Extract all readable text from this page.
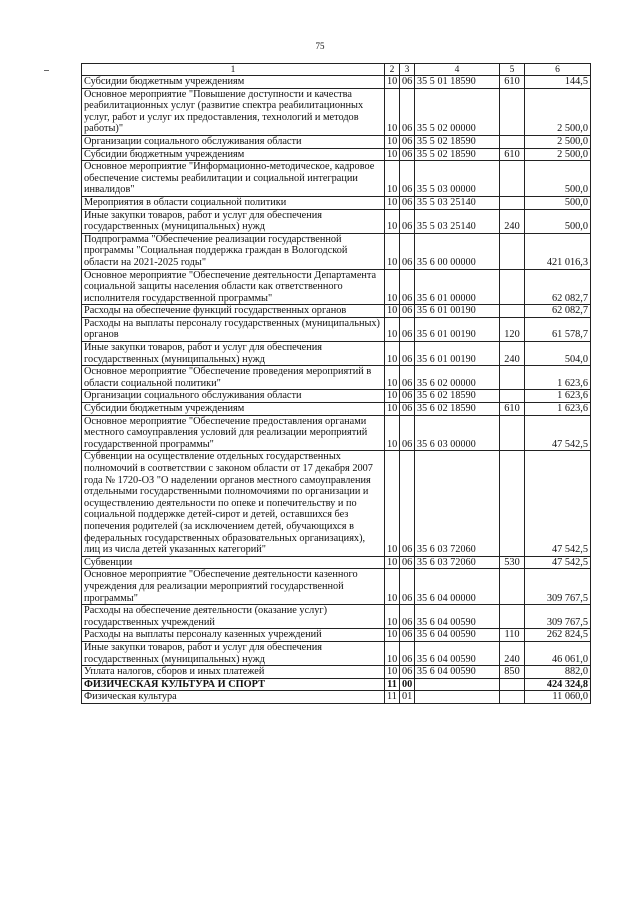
75
1	2	3	4	5	6
Субсидии бюджетным учреждениям	10	06	35 5 01 18590	610	144,5
Основное мероприятие "Повышение доступности и качества реабилитационных услуг (развитие спектра реабилитационных услуг, работ и услуг их предоставления, технологий и методов работы)"	10	06	35 5 02 00000		2 500,0
Организации социального обслуживания области	10	06	35 5 02 18590		2 500,0
Субсидии бюджетным учреждениям	10	06	35 5 02 18590	610	2 500,0
Основное мероприятие "Информационно-методическое, кадровое обеспечение системы реабилитации и социальной интеграции инвалидов"	10	06	35 5 03 00000		500,0
Мероприятия в области социальной политики	10	06	35 5 03 25140		500,0
Иные закупки товаров, работ и услуг для обеспечения государственных (муниципальных) нужд	10	06	35 5 03 25140	240	500,0
Подпрограмма "Обеспечение реализации государственной программы "Социальная поддержка граждан в Вологодской области на 2021-2025 годы"	10	06	35 6 00 00000		421 016,3
Основное мероприятие "Обеспечение деятельности Департамента социальной защиты населения области как ответственного исполнителя государственной программы"	10	06	35 6 01 00000		62 082,7
Расходы на обеспечение функций государственных органов	10	06	35 6 01 00190		62 082,7
Расходы на выплаты персоналу государственных (муниципальных) органов	10	06	35 6 01 00190	120	61 578,7
Иные закупки товаров, работ и услуг для обеспечения государственных (муниципальных) нужд	10	06	35 6 01 00190	240	504,0
Основное мероприятие "Обеспечение проведения мероприятий в области социальной политики"	10	06	35 6 02 00000		1 623,6
Организации социального обслуживания области	10	06	35 6 02 18590		1 623,6
Субсидии бюджетным учреждениям	10	06	35 6 02 18590	610	1 623,6
Основное мероприятие "Обеспечение предоставления органами местного самоуправления условий для реализации мероприятий государственной программы"	10	06	35 6 03 00000		47 542,5
Субвенции на осуществление отдельных государственных полномочий в соответствии с законом области от 17 декабря 2007 года № 1720-ОЗ "О наделении органов местного самоуправления отдельными государственными полномочиями по организации и осуществлению деятельности по опеке и попечительству и по социальной поддержке детей-сирот и детей, оставшихся без попечения родителей (за исключением детей, обучающихся в федеральных государственных образовательных организациях), лиц из числа детей указанных категорий"	10	06	35 6 03 72060		47 542,5
Субвенции	10	06	35 6 03 72060	530	47 542,5
Основное мероприятие "Обеспечение деятельности казенного учреждения для реализации мероприятий государственной программы"	10	06	35 6 04 00000		309 767,5
Расходы на обеспечение деятельности (оказание услуг) государственных учреждений	10	06	35 6 04 00590		309 767,5
Расходы на выплаты персоналу казенных учреждений	10	06	35 6 04 00590	110	262 824,5
Иные закупки товаров, работ и услуг для обеспечения государственных (муниципальных) нужд	10	06	35 6 04 00590	240	46 061,0
Уплата налогов, сборов и иных платежей	10	06	35 6 04 00590	850	882,0
ФИЗИЧЕСКАЯ КУЛЬТУРА И СПОРТ	11	00			424 324,8
Физическая культура	11	01			11 060,0
